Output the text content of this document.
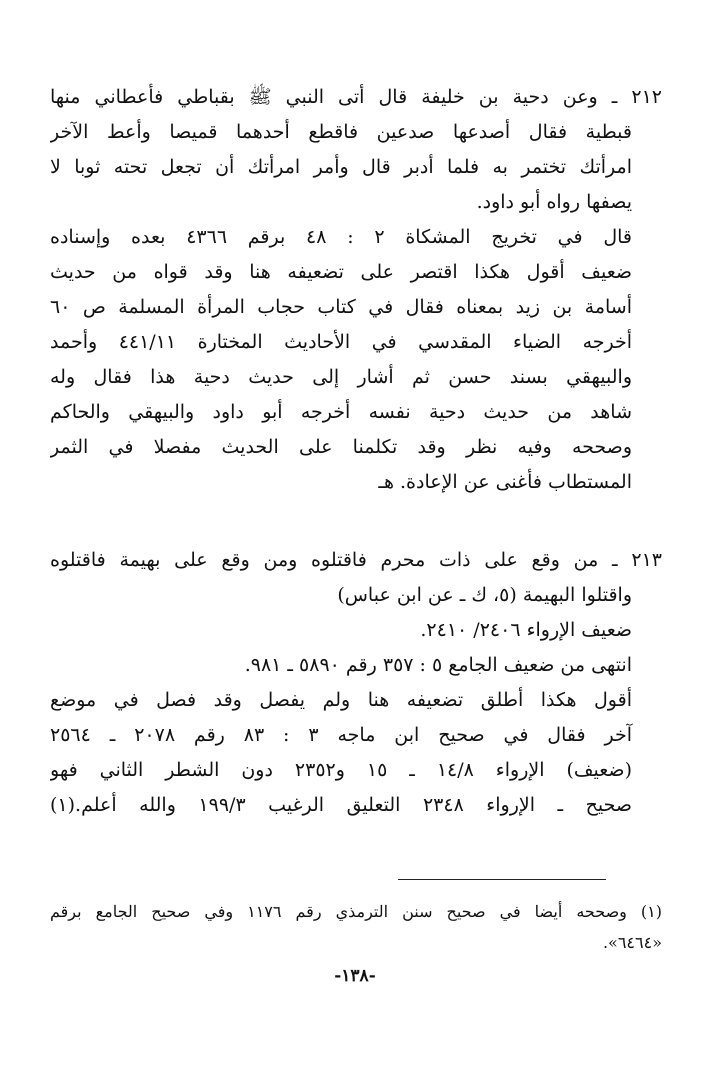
٢١٢ ـ وعن دحية بن خليفة قال أتى النبي ﷺ بقباطي فأعطاني منها
قبطية فقال أصدعها صدعين فاقطع أحدهما قميصا وأعط الآخر
امرأتك تختمر به فلما أدبر قال وأمر امرأتك أن تجعل تحته ثوبا لا
يصفها رواه أبو داود.
قال في تخريج المشكاة ٢ : ٤٨ برقم ٤٣٦٦ بعده وإسناده
ضعيف أقول هكذا اقتصر على تضعيفه هنا وقد قواه من حديث
أسامة بن زيد بمعناه فقال في كتاب حجاب المرأة المسلمة ص ٦٠
أخرجه الضياء المقدسي في الأحاديث المختارة ٤٤١/١١ وأحمد
والبيهقي بسند حسن ثم أشار إلى حديث دحية هذا فقال وله
شاهد من حديث دحية نفسه أخرجه أبو داود والبيهقي والحاكم
وصححه وفيه نظر وقد تكلمنا على الحديث مفصلا في الثمر
المستطاب فأغنى عن الإعادة. هـ
٢١٣ ـ من وقع على ذات محرم فاقتلوه ومن وقع على بهيمة فاقتلوه
واقتلوا البهيمة (٥، ك ـ عن ابن عباس)
ضعيف الإرواء ٢٤٠٦/ ٢٤١٠.
انتهى من ضعيف الجامع ٥ : ٣٥٧ رقم ٥٨٩٠ ـ ٩٨١.
أقول هكذا أطلق تضعيفه هنا ولم يفصل وقد فصل في موضع
آخر فقال في صحيح ابن ماجه ٣ : ٨٣ رقم ٢٠٧٨ ـ ٢٥٦٤
(ضعيف) الإرواء ١٤/٨ ـ ١٥ و٢٣٥٢ دون الشطر الثاني فهو
صحيح ـ الإرواء ٢٣٤٨ التعليق الرغيب ١٩٩/٣ والله أعلم.(١)
(١) وصححه أيضا في صحيح سنن الترمذي رقم ١١٧٦ وفي صحيح الجامع برقم
«٦٤٦٤».
-١٣٨-
